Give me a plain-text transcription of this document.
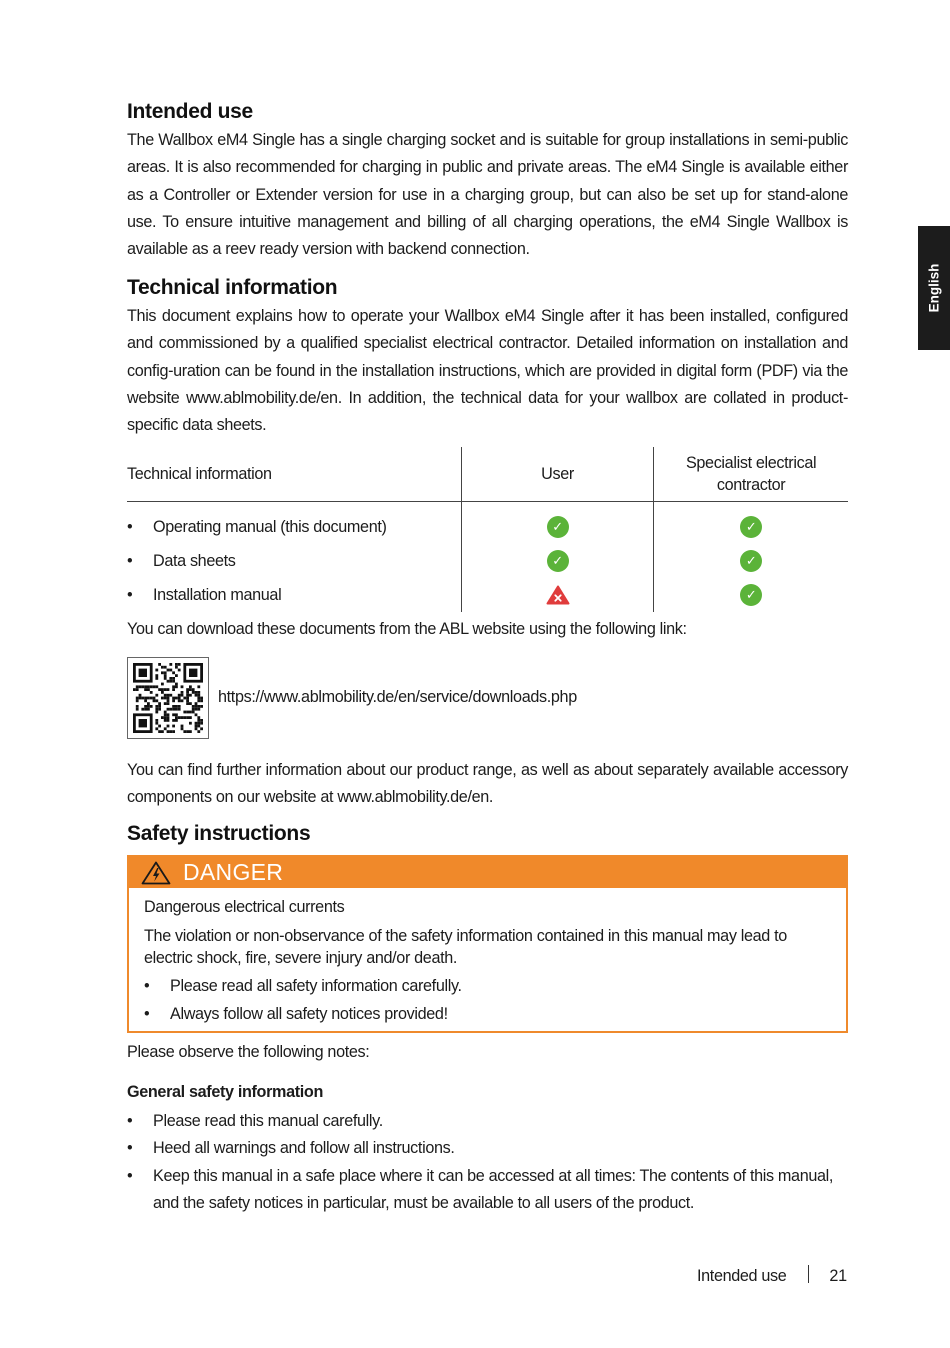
English
Intended use

The Wallbox eM4 Single has a single charging socket and is suitable for group installations in semi-public areas. It is also recommended for charging in public and private areas. The eM4 Single is available either as a Controller or Extender version for use in a charging group, but can also be set up for stand-alone use. To ensure intuitive management and billing of all charging operations, the eM4 Single Wallbox is available as a reev ready version with backend connection.

Technical information

This document explains how to operate your Wallbox eM4 Single after it has been installed, configured and commissioned by a qualified specialist electrical contractor. Detailed information on installation and config-uration can be found in the installation instructions, which are provided in digital form (PDF) via the website www.ablmobility.de/en. In addition, the technical data for your wallbox are collated in product-specific data sheets.

Technical information	User	Specialist electrical contractor

• Operating manual (this document)	✓	✓
• Data sheets	✓	✓
• Installation manual		✓

You can download these documents from the ABL website using the following link:

https://www.ablmobility.de/en/service/downloads.php

You can find further information about our product range, as well as about separately available accessory components on our website at www.ablmobility.de/en.

Safety instructions
DANGER

Dangerous electrical currents

The violation or non-observance of the safety information contained in this manual may lead to electric shock, fire, severe injury and/or death.

• Please read all safety information carefully.
• Always follow all safety notices provided!

Please observe the following notes:

General safety information

•	Please read this manual carefully.
•	Heed all warnings and follow all instructions.
•	Keep this manual in a safe place where it can be accessed at all times: The contents of this manual, and the safety notices in particular, must be available to all users of the product.
Intended use	21
